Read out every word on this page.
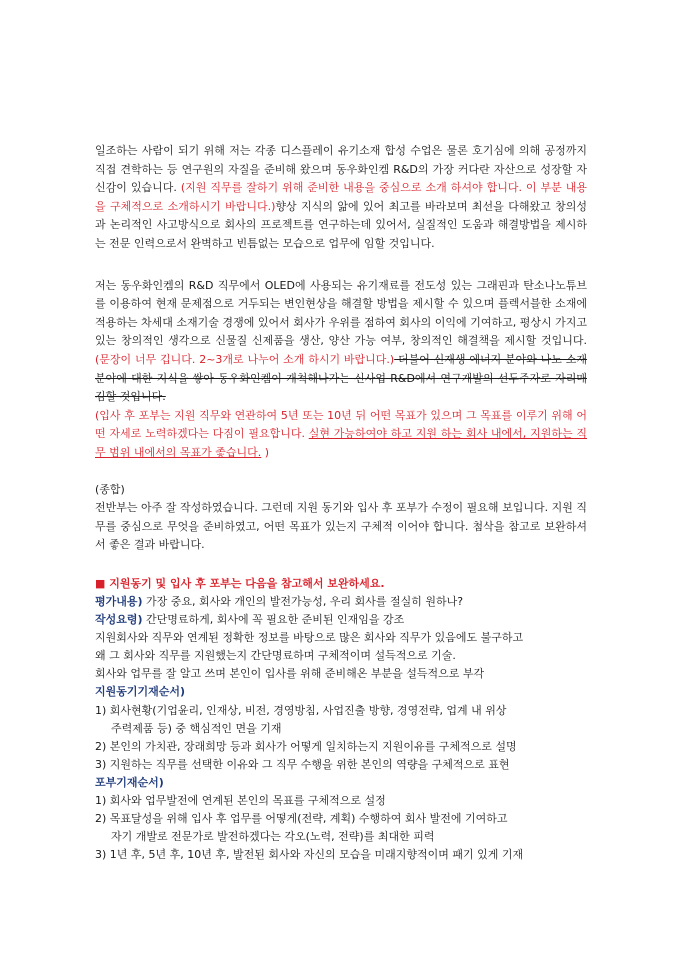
일조하는 사람이 되기 위해 저는 각종 디스플레이 유기소재 합성 수업은 물론 호기심에 의해 공정까지 직접 견학하는 등 연구원의 자질을 준비해 왔으며 동우화인켐 R&D의 가장 커다란 자산으로 성장할 자신감이 있습니다. (지원 직무를 잘하기 위해 준비한 내용을 중심으로 소개 하셔야 합니다. 이 부분 내용을 구체적으로 소개하시기 바랍니다.)향상 지식의 앎에 있어 최고를 바라보며 최선을 다해왔고 창의성과 논리적인 사고방식으로 회사의 프로젝트를 연구하는데 있어서, 실질적인 도움과 해결방법을 제시하는 전문 인력으로서 완벽하고 빈틈없는 모습으로 업무에 임할 것입니다.

저는 동우화인켐의 R&D 직무에서 OLED에 사용되는 유기재료를 전도성 있는 그래핀과 탄소나노튜브를 이용하여 현재 문제점으로 거두되는 변인현상을 해결할 방법을 제시할 수 있으며 플렉서블한 소재에 적용하는 차세대 소재기술 경쟁에 있어서 회사가 우위를 점하여 회사의 이익에 기여하고, 평상시 가지고 있는 창의적인 생각으로 신물질 신제품을 생산, 양산 가능 여부, 창의적인 해결책을 제시할 것입니다. (문장이 너무 깁니다. 2~3개로 나누어 소개 하시기 바랍니다.) 더불어 신재생 에너지 분야와 나노 소재분야에 대한 지식을 쌓아 동우화인켐이 개척해나가는 신사업 R&D에서 연구개발의 선두주자로 자리매김할 것입니다.
(입사 후 포부는 지원 직무와 연관하여 5년 또는 10년 뒤 어떤 목표가 있으며 그 목표를 이루기 위해 어떤 자세로 노력하겠다는 다짐이 필요합니다. 실현 가능하여야 하고 지원 하는 회사 내에서, 지원하는 직무 범위 내에서의 목표가 좋습니다. )

(종합)

전반부는 아주 잘 작성하였습니다. 그런데 지원 동기와 입사 후 포부가 수정이 필요해 보입니다. 지원 직무를 중심으로 무엇을 준비하였고, 어떤 목표가 있는지 구체적 이어야 합니다. 첨삭을 참고로 보완하셔서 좋은 결과 바랍니다.

■ 지원동기 및 입사 후 포부는 다음을 참고해서 보완하세요.
평가내용) 가장 중요, 회사와 개인의 발전가능성, 우리 회사를 절실히 원하나?
작성요령) 간단명료하게, 회사에 꼭 필요한 준비된 인재임을 강조
지원회사와 직무와 연계된 정확한 정보를 바탕으로 많은 회사와 직무가 있음에도 불구하고
왜 그 회사와 직무를 지원했는지 간단명료하며 구체적이며 설득적으로 기술.
회사와 업무를 잘 알고 쓰며 본인이 입사를 위해 준비해온 부분을 설득적으로 부각
지원동기기재순서)
1) 회사현황(기업윤리, 인재상, 비전, 경영방침, 사업진출 방향, 경영전략, 업계 내 위상
주력제품 등) 중 핵심적인 면을 기재
2) 본인의 가치관, 장래희망 등과 회사가 어떻게 일치하는지 지원이유를 구체적으로 설명
3) 지원하는 직무를 선택한 이유와 그 직무 수행을 위한 본인의 역량을 구체적으로 표현
포부기재순서)
1) 회사와 업무발전에 연계된 본인의 목표를 구체적으로 설정
2) 목표달성을 위해 입사 후 업무를 어떻게(전략, 계획) 수행하여 회사 발전에 기여하고
자기 개발로 전문가로 발전하겠다는 각오(노력, 전략)를 최대한 피력
3) 1년 후, 5년 후, 10년 후, 발전된 회사와 자신의 모습을 미래지향적이며 패기 있게 기재
